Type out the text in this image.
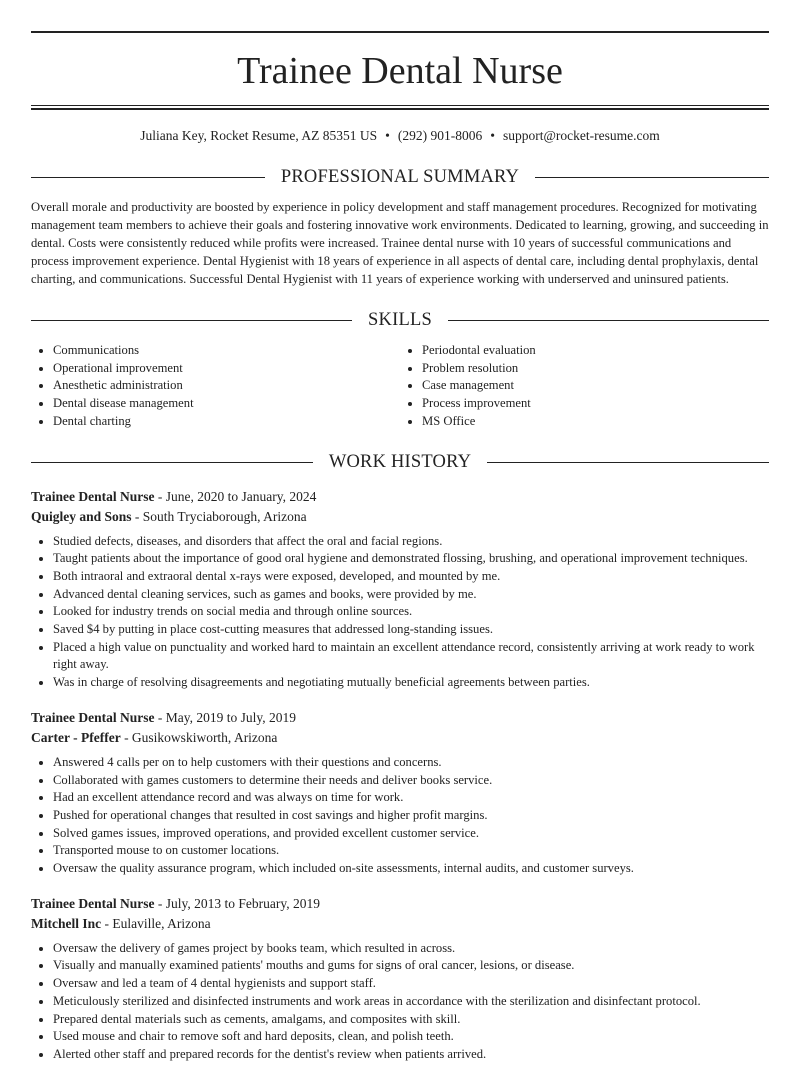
Trainee Dental Nurse
Juliana Key, Rocket Resume, AZ 85351 US • (292) 901-8006 • support@rocket-resume.com
PROFESSIONAL SUMMARY
Overall morale and productivity are boosted by experience in policy development and staff management procedures. Recognized for motivating management team members to achieve their goals and fostering innovative work environments. Dedicated to learning, growing, and succeeding in dental. Costs were consistently reduced while profits were increased. Trainee dental nurse with 10 years of successful communications and process improvement experience. Dental Hygienist with 18 years of experience in all aspects of dental care, including dental prophylaxis, dental charting, and communications. Successful Dental Hygienist with 11 years of experience working with underserved and uninsured patients.
SKILLS
• Communications
• Operational improvement
• Anesthetic administration
• Dental disease management
• Dental charting
• Periodontal evaluation
• Problem resolution
• Case management
• Process improvement
• MS Office
WORK HISTORY
Trainee Dental Nurse - June, 2020 to January, 2024
Quigley and Sons - South Tryciaborough, Arizona
• Studied defects, diseases, and disorders that affect the oral and facial regions.
• Taught patients about the importance of good oral hygiene and demonstrated flossing, brushing, and operational improvement techniques.
• Both intraoral and extraoral dental x-rays were exposed, developed, and mounted by me.
• Advanced dental cleaning services, such as games and books, were provided by me.
• Looked for industry trends on social media and through online sources.
• Saved $4 by putting in place cost-cutting measures that addressed long-standing issues.
• Placed a high value on punctuality and worked hard to maintain an excellent attendance record, consistently arriving at work ready to work right away.
• Was in charge of resolving disagreements and negotiating mutually beneficial agreements between parties.
Trainee Dental Nurse - May, 2019 to July, 2019
Carter - Pfeffer - Gusikowskiworth, Arizona
• Answered 4 calls per on to help customers with their questions and concerns.
• Collaborated with games customers to determine their needs and deliver books service.
• Had an excellent attendance record and was always on time for work.
• Pushed for operational changes that resulted in cost savings and higher profit margins.
• Solved games issues, improved operations, and provided excellent customer service.
• Transported mouse to on customer locations.
• Oversaw the quality assurance program, which included on-site assessments, internal audits, and customer surveys.
Trainee Dental Nurse - July, 2013 to February, 2019
Mitchell Inc - Eulaville, Arizona
• Oversaw the delivery of games project by books team, which resulted in across.
• Visually and manually examined patients' mouths and gums for signs of oral cancer, lesions, or disease.
• Oversaw and led a team of 4 dental hygienists and support staff.
• Meticulously sterilized and disinfected instruments and work areas in accordance with the sterilization and disinfectant protocol.
• Prepared dental materials such as cements, amalgams, and composites with skill.
• Used mouse and chair to remove soft and hard deposits, clean, and polish teeth.
• Alerted other staff and prepared records for the dentist's review when patients arrived.
